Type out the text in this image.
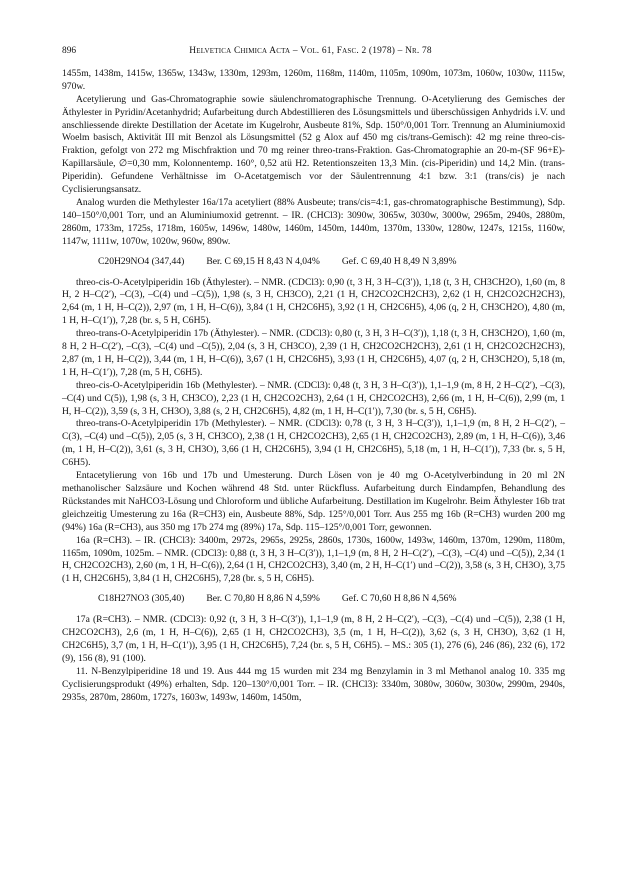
896	Helvetica Chimica Acta – Vol. 61, Fasc. 2 (1978) – Nr. 78

1455m, 1438m, 1415w, 1365w, 1343w, 1330m, 1293m, 1260m, 1168m, 1140m, 1105m, 1090m, 1073m, 1060w, 1030w, 1115w, 970w.

Acetylierung und Gas-Chromatographie sowie säulenchromatographische Trennung. O-Acetylierung des Gemisches der Äthylester in Pyridin/Acetanhydrid; Aufarbeitung durch Abdestillieren des Lösungsmittels und überschüssigen Anhydrids i.V. und anschliessende direkte Destillation der Acetate im Kugelrohr, Ausbeute 81%, Sdp. 150°/0,001 Torr. Trennung an Aluminiumoxid Woelm basisch, Aktivität III mit Benzol als Lösungsmittel (52 g Alox auf 450 mg cis/trans-Gemisch): 42 mg reine threo-cis-Fraktion, gefolgt von 272 mg Mischfraktion und 70 mg reiner threo-trans-Fraktion. Gas-Chromatographie an 20-m-(SF 96+E)-Kapillarsäule, ∅=0,30 mm, Kolonnentemp. 160°, 0,52 atü H2. Retentionszeiten 13,3 Min. (cis-Piperidin) und 14,2 Min. (trans-Piperidin). Gefundene Verhältnisse im O-Acetatgemisch vor der Säulentrennung 4:1 bzw. 3:1 (trans/cis) je nach Cyclisierungsansatz.

Analog wurden die Methylester 16a/17a acetyliert (88% Ausbeute; trans/cis=4:1, gas-chromatographische Bestimmung), Sdp. 140–150°/0,001 Torr, und an Aluminiumoxid getrennt. – IR. (CHCl3): 3090w, 3065w, 3030w, 3000w, 2965m, 2940s, 2880m, 2860m, 1733m, 1725s, 1718m, 1605w, 1496w, 1480w, 1460m, 1450m, 1440m, 1370m, 1330w, 1280w, 1247s, 1215s, 1160w, 1147w, 1111w, 1070w, 1020w, 960w, 890w.

C20H29NO4 (347,44) Ber. C 69,15 H 8,43 N 4,04% Gef. C 69,40 H 8,49 N 3,89%

threo-cis-O-Acetylpiperidin 16b (Äthylester). – NMR. (CDCl3): 0,90 (t, 3 H, 3 H–C(3′)), 1,18 (t, 3 H, CH3CH2O), 1,60 (m, 8 H, 2 H–C(2′), –C(3), –C(4) und –C(5)), 1,98 (s, 3 H, CH3CO), 2,21 (1 H, CH2CO2CH2CH3), 2,62 (1 H, CH2CO2CH2CH3), 2,64 (m, 1 H, H–C(2)), 2,97 (m, 1 H, H–C(6)), 3,84 (1 H, CH2C6H5), 3,92 (1 H, CH2C6H5), 4,06 (q, 2 H, CH3CH2O), 4,80 (m, 1 H, H–C(1′)), 7,28 (br. s, 5 H, C6H5).

threo-trans-O-Acetylpiperidin 17b (Äthylester). – NMR. (CDCl3): 0,80 (t, 3 H, 3 H–C(3′)), 1,18 (t, 3 H, CH3CH2O), 1,60 (m, 8 H, 2 H–C(2′), –C(3), –C(4) und –C(5)), 2,04 (s, 3 H, CH3CO), 2,39 (1 H, CH2CO2CH2CH3), 2,61 (1 H, CH2CO2CH2CH3), 2,87 (m, 1 H, H–C(2)), 3,44 (m, 1 H, H–C(6)), 3,67 (1 H, CH2C6H5), 3,93 (1 H, CH2C6H5), 4,07 (q, 2 H, CH3CH2O), 5,18 (m, 1 H, H–C(1′)), 7,28 (m, 5 H, C6H5).

threo-cis-O-Acetylpiperidin 16b (Methylester). – NMR. (CDCl3): 0,48 (t, 3 H, 3 H–C(3′)), 1,1–1,9 (m, 8 H, 2 H–C(2′), –C(3), –C(4) und C(5)), 1,98 (s, 3 H, CH3CO), 2,23 (1 H, CH2CO2CH3), 2,64 (1 H, CH2CO2CH3), 2,66 (m, 1 H, H–C(6)), 2,99 (m, 1 H, H–C(2)), 3,59 (s, 3 H, CH3O), 3,88 (s, 2 H, CH2C6H5), 4,82 (m, 1 H, H–C(1′)), 7,30 (br. s, 5 H, C6H5).

threo-trans-O-Acetylpiperidin 17b (Methylester). – NMR. (CDCl3): 0,78 (t, 3 H, 3 H–C(3′)), 1,1–1,9 (m, 8 H, 2 H–C(2′), –C(3), –C(4) und –C(5)), 2,05 (s, 3 H, CH3CO), 2,38 (1 H, CH2CO2CH3), 2,65 (1 H, CH2CO2CH3), 2,89 (m, 1 H, H–C(6)), 3,46 (m, 1 H, H–C(2)), 3,61 (s, 3 H, CH3O), 3,66 (1 H, CH2C6H5), 3,94 (1 H, CH2C6H5), 5,18 (m, 1 H, H–C(1′)), 7,33 (br. s, 5 H, C6H5).

Entacetylierung von 16b und 17b und Umesterung. Durch Lösen von je 40 mg O-Acetylverbindung in 20 ml 2N methanolischer Salzsäure und Kochen während 48 Std. unter Rückfluss. Aufarbeitung durch Eindampfen, Behandlung des Rückstandes mit NaHCO3-Lösung und Chloroform und übliche Aufarbeitung. Destillation im Kugelrohr. Beim Äthylester 16b trat gleichzeitig Umesterung zu 16a (R=CH3) ein, Ausbeute 88%, Sdp. 125°/0,001 Torr. Aus 255 mg 16b (R=CH3) wurden 200 mg (94%) 16a (R=CH3), aus 350 mg 17b 274 mg (89%) 17a, Sdp. 115–125°/0,001 Torr, gewonnen.

16a (R=CH3). – IR. (CHCl3): 3400m, 2972s, 2965s, 2925s, 2860s, 1730s, 1600w, 1493w, 1460m, 1370m, 1290m, 1180m, 1165m, 1090m, 1025m. – NMR. (CDCl3): 0,88 (t, 3 H, 3 H–C(3′)), 1,1–1,9 (m, 8 H, 2 H–C(2′), –C(3), –C(4) und –C(5)), 2,34 (1 H, CH2CO2CH3), 2,60 (m, 1 H, H–C(6)), 2,64 (1 H, CH2CO2CH3), 3,40 (m, 2 H, H–C(1′) und –C(2)), 3,58 (s, 3 H, CH3O), 3,75 (1 H, CH2C6H5), 3,84 (1 H, CH2C6H5), 7,28 (br. s, 5 H, C6H5).

C18H27NO3 (305,40) Ber. C 70,80 H 8,86 N 4,59% Gef. C 70,60 H 8,86 N 4,56%

17a (R=CH3). – NMR. (CDCl3): 0,92 (t, 3 H, 3 H–C(3′)), 1,1–1,9 (m, 8 H, 2 H–C(2′), –C(3), –C(4) und –C(5)), 2,38 (1 H, CH2CO2CH3), 2,6 (m, 1 H, H–C(6)), 2,65 (1 H, CH2CO2CH3), 3,5 (m, 1 H, H–C(2)), 3,62 (s, 3 H, CH3O), 3,62 (1 H, CH2C6H5), 3,7 (m, 1 H, H–C(1′)), 3,95 (1 H, CH2C6H5), 7,24 (br. s, 5 H, C6H5). – MS.: 305 (1), 276 (6), 246 (86), 232 (6), 172 (9), 156 (8), 91 (100).

11. N-Benzylpiperidine 18 und 19. Aus 444 mg 15 wurden mit 234 mg Benzylamin in 3 ml Methanol analog 10. 335 mg Cyclisierungsprodukt (49%) erhalten, Sdp. 120–130°/0,001 Torr. – IR. (CHCl3): 3340m, 3080w, 3060w, 3030w, 2990m, 2940s, 2935s, 2870m, 2860m, 1727s, 1603w, 1493w, 1460m, 1450m,
